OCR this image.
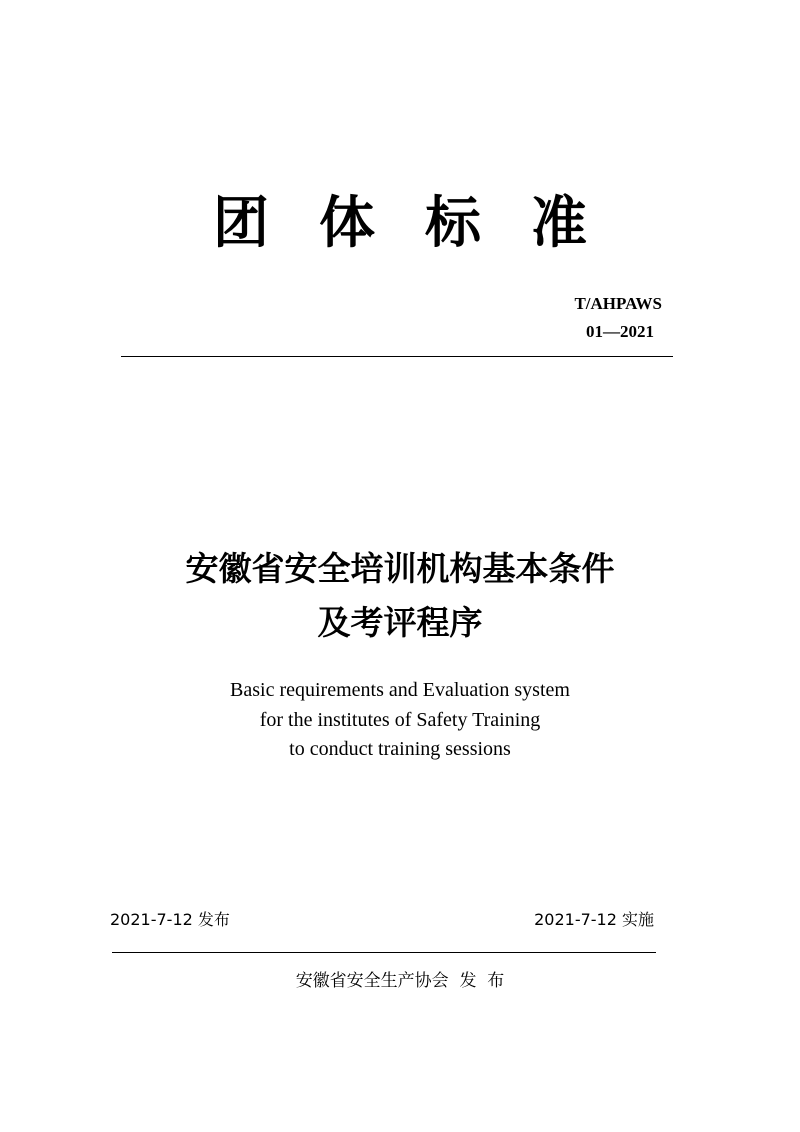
团体标准
T/AHPAWS
01—2021
安徽省安全培训机构基本条件
及考评程序
Basic requirements and Evaluation system
for the institutes of Safety Training
to conduct training sessions
2021-7-12 发布	2021-7-12 实施
安徽省安全生产协会  发  布
